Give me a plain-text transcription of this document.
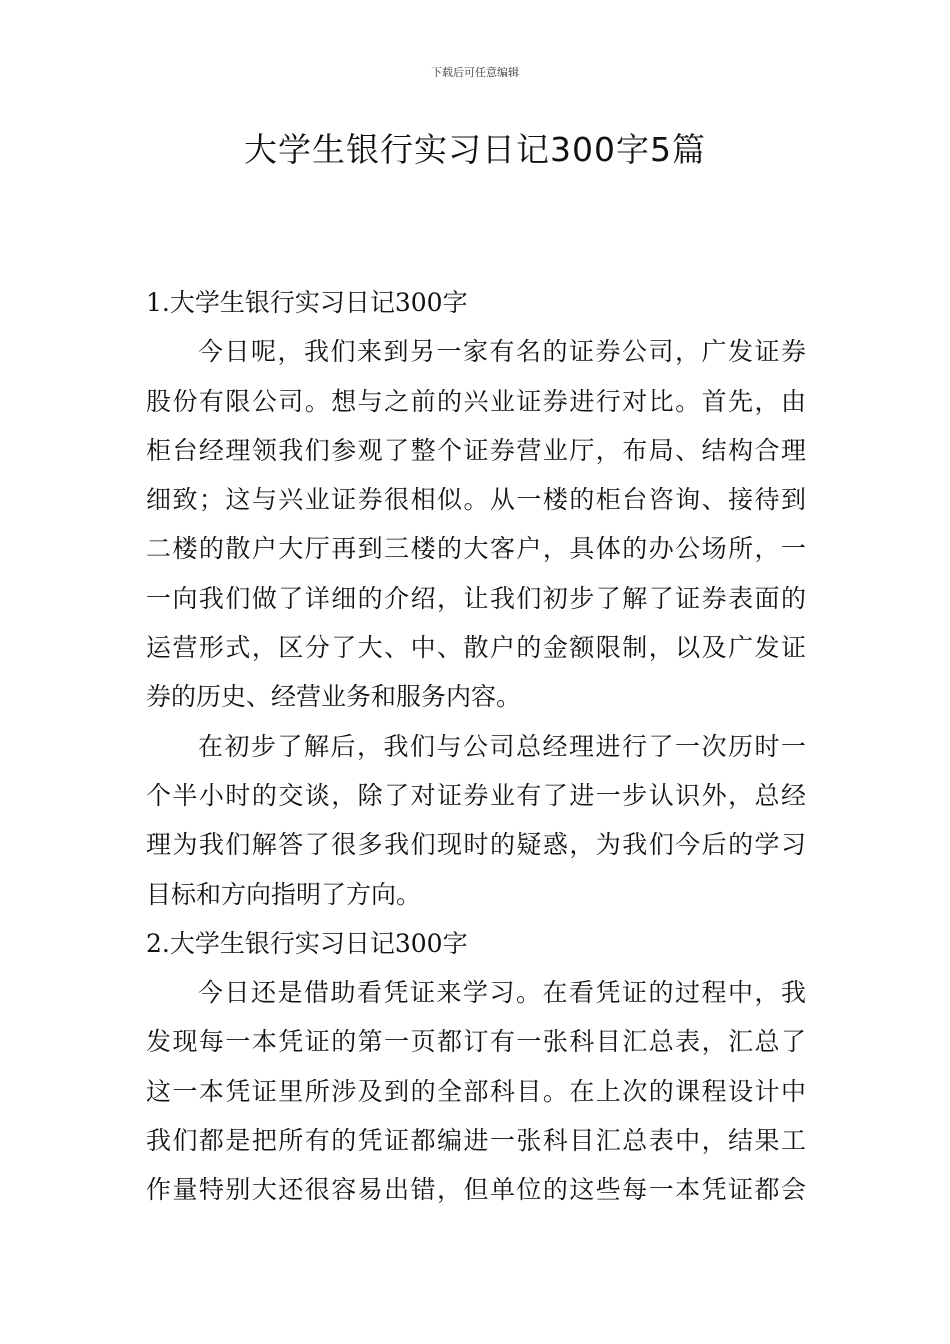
下载后可任意编辑
大学生银行实习日记300字5篇
1.大学生银行实习日记300字
今日呢，我们来到另一家有名的证券公司，广发证券
股份有限公司。想与之前的兴业证券进行对比。首先，由
柜台经理领我们参观了整个证券营业厅，布局、结构合理
细致；这与兴业证券很相似。从一楼的柜台咨询、接待到
二楼的散户大厅再到三楼的大客户，具体的办公场所，一
一向我们做了详细的介绍，让我们初步了解了证券表面的
运营形式，区分了大、中、散户的金额限制，以及广发证
券的历史、经营业务和服务内容。
在初步了解后，我们与公司总经理进行了一次历时一
个半小时的交谈，除了对证券业有了进一步认识外，总经
理为我们解答了很多我们现时的疑惑，为我们今后的学习
目标和方向指明了方向。
2.大学生银行实习日记300字
今日还是借助看凭证来学习。在看凭证的过程中，我
发现每一本凭证的第一页都订有一张科目汇总表，汇总了
这一本凭证里所涉及到的全部科目。在上次的课程设计中
我们都是把所有的凭证都编进一张科目汇总表中，结果工
作量特别大还很容易出错，但单位的这些每一本凭证都会
